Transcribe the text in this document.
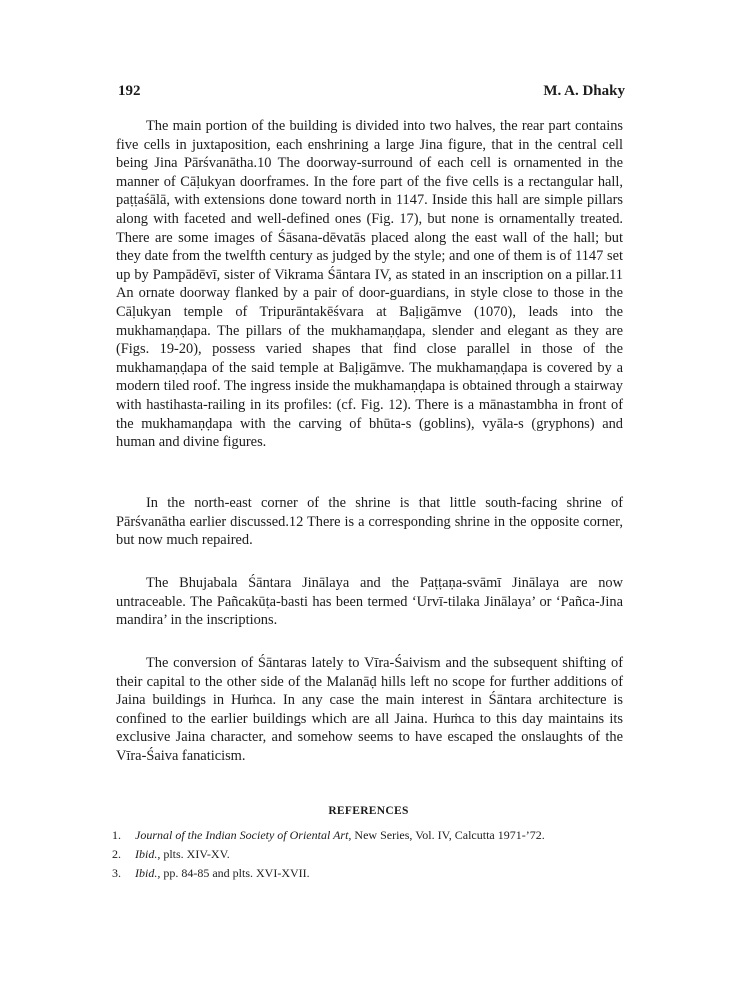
192	M. A. Dhaky

The main portion of the building is divided into two halves, the rear part contains five cells in juxtaposition, each enshrining a large Jina figure, that in the central cell being Jina Pārśvanātha.10 The doorway-surround of each cell is ornamented in the manner of Cāḷukyan doorframes. In the fore part of the five cells is a rectangular hall, paṭṭaśālā, with extensions done toward north in 1147. Inside this hall are simple pillars along with faceted and well-defined ones (Fig. 17), but none is ornamentally treated. There are some images of Śāsana-dēvatās placed along the east wall of the hall; but they date from the twelfth century as judged by the style; and one of them is of 1147 set up by Pampādēvī, sister of Vikrama Śāntara IV, as stated in an inscription on a pillar.11 An ornate doorway flanked by a pair of door-guardians, in style close to those in the Cāḷukyan temple of Tripurāntakēśvara at Baḷigāmve (1070), leads into the mukhamaṇḍapa. The pillars of the mukhamaṇḍapa, slender and elegant as they are (Figs. 19-20), possess varied shapes that find close parallel in those of the mukhamaṇḍapa of the said temple at Baḷigāmve. The mukhamaṇḍapa is covered by a modern tiled roof. The ingress inside the mukhamaṇḍapa is obtained through a stairway with hastihasta-railing in its profiles: (cf. Fig. 12). There is a mānastambha in front of the mukhamaṇḍapa with the carving of bhūta-s (goblins), vyāla-s (gryphons) and human and divine figures.

In the north-east corner of the shrine is that little south-facing shrine of Pārśvanātha earlier discussed.12 There is a corresponding shrine in the opposite corner, but now much repaired.

The Bhujabala Śāntara Jinālaya and the Paṭṭaṇa-svāmī Jinālaya are now untraceable. The Pañcakūṭa-basti has been termed ‘Urvī-tilaka Jinālaya’ or ‘Pañca-Jina mandira’ in the inscriptions.

The conversion of Śāntaras lately to Vīra-Śaivism and the subsequent shifting of their capital to the other side of the Malanāḍ hills left no scope for further additions of Jaina buildings in Huṁca. In any case the main interest in Śāntara architecture is confined to the earlier buildings which are all Jaina. Huṁca to this day maintains its exclusive Jaina character, and somehow seems to have escaped the onslaughts of the Vīra-Śaiva fanaticism.

REFERENCES
1.	Journal of the Indian Society of Oriental Art, New Series, Vol. IV, Calcutta 1971-’72.
2.	Ibid., plts. XIV-XV.
3.	Ibid., pp. 84-85 and plts. XVI-XVII.
